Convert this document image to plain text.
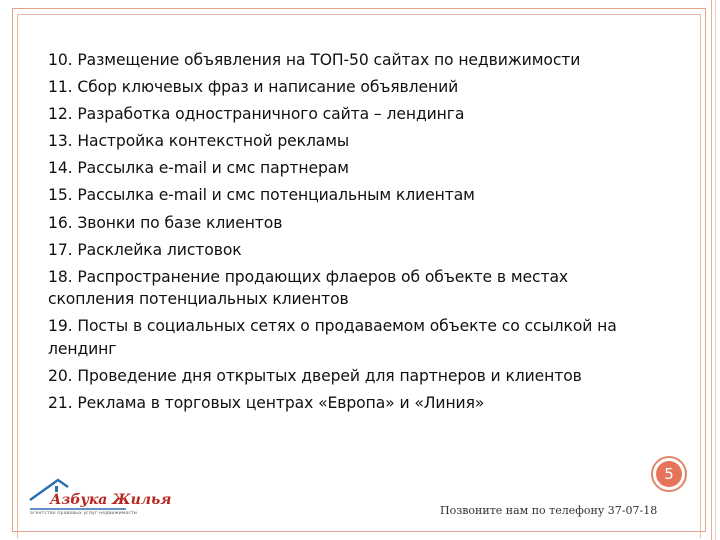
10. Размещение объявления на ТОП-50 сайтах по недвижимости
11. Сбор ключевых фраз и написание объявлений
12. Разработка одностраничного сайта – лендинга
13. Настройка контекстной рекламы
14. Рассылка e-mail и смс партнерам
15. Рассылка e-mail и смс потенциальным клиентам
16. Звонки по базе клиентов
17. Расклейка листовок
18. Распространение продающих флаеров об объекте в местах скопления потенциальных клиентов
19. Посты в социальных сетях о продаваемом объекте со ссылкой на лендинг
20. Проведение дня открытых дверей для партнеров и клиентов
21. Реклама в торговых центрах «Европа» и «Линия»
5
Азбука Жилья
агентство правовых услуг недвижимости	Позвоните нам по телефону 37-07-18
